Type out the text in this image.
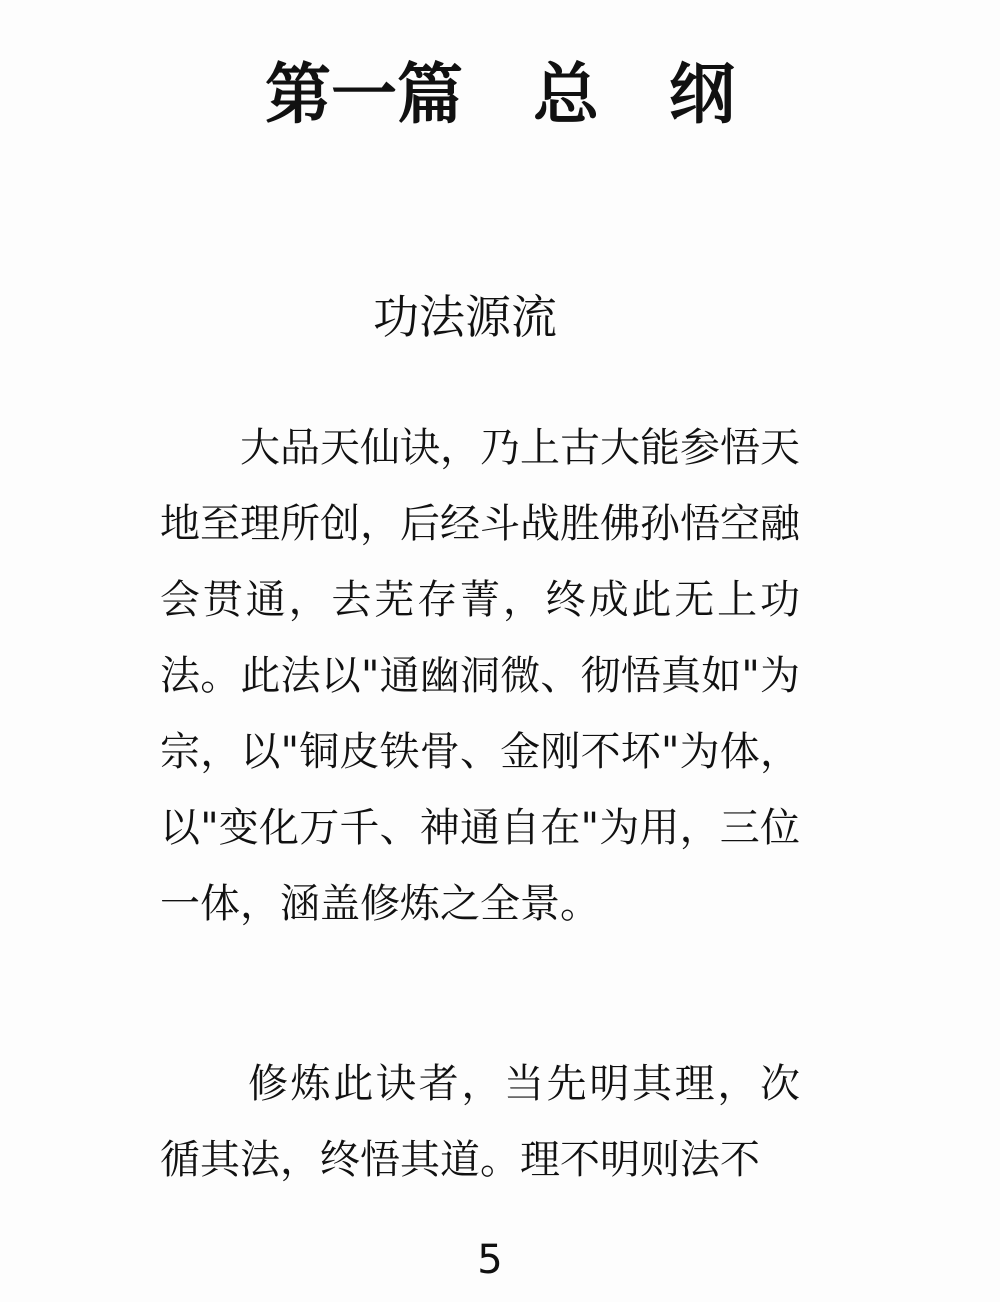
第一篇 总 纲
功法源流

大品天仙诀，乃上古大能参悟天地至理所创，后经斗战胜佛孙悟空融会贯通，去芜存菁，终成此无上功法。此法以"通幽洞微、彻悟真如"为宗，以"铜皮铁骨、金刚不坏"为体，以"变化万千、神通自在"为用，三位一体，涵盖修炼之全景。

修炼此诀者，当先明其理，次循其法，终悟其道。理不明则法不

5
